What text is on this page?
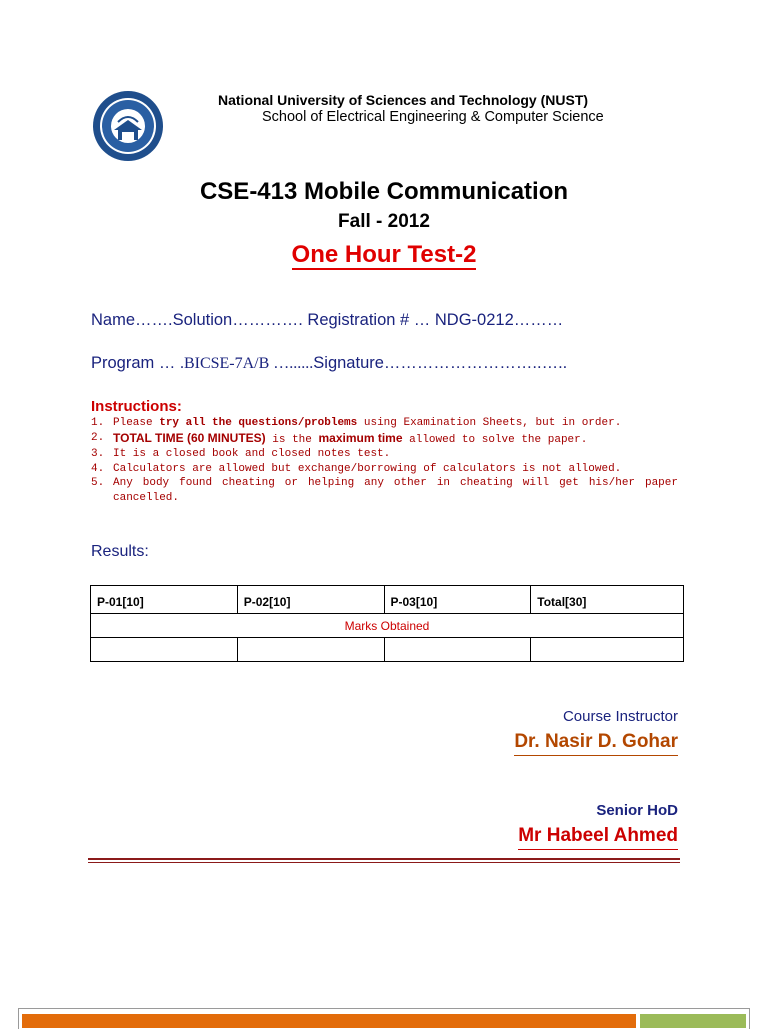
National University of Sciences and Technology (NUST)
School of Electrical Engineering & Computer Science
CSE-413 Mobile Communication
Fall - 2012
One Hour Test-2
Name…….Solution…………. Registration # … NDG-0212………
Program … .BICSE-7A/B …......Signature………………………..…..
Instructions:
1. Please try all the questions/problems using Examination Sheets, but in order.
2. TOTAL TIME (60 MINUTES) is the maximum time allowed to solve the paper.
3. It is a closed book and closed notes test.
4. Calculators are allowed but exchange/borrowing of calculators is not allowed.
5. Any body found cheating or helping any other in cheating will get his/her paper cancelled.
Results:
P-01[10]	P-02[10]	P-03[10]	Total[30]
Marks Obtained			

Course Instructor
Dr. Nasir D. Gohar
Senior HoD
Mr Habeel Ahmed
